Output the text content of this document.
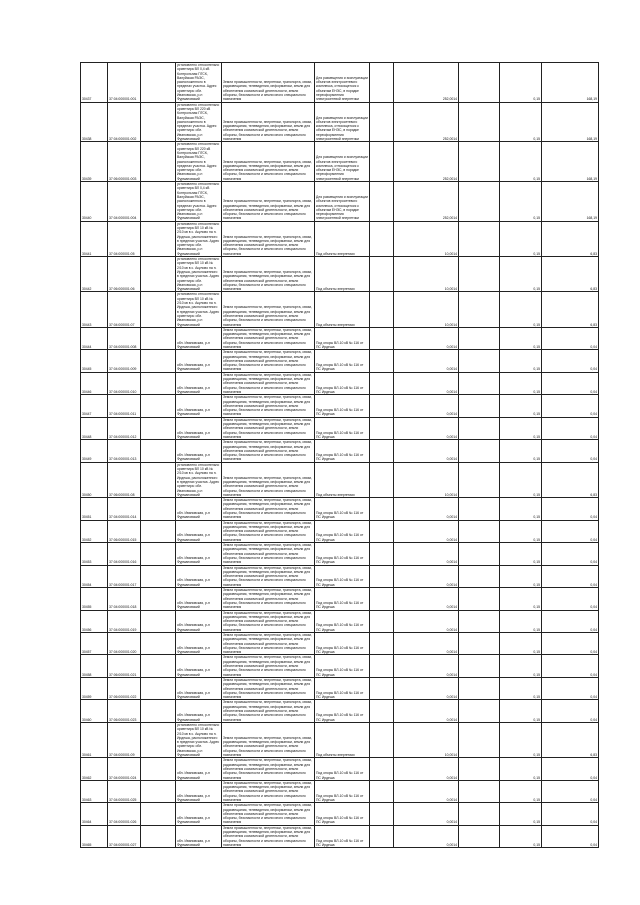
30437	37:04:000001:001		установлено относительно ориентира ВЛ 0,4 кВ Контрольная ПГСК, Валуйская РАЭС, расположенного в пределах участка. Адрес ориентира: обл. Ивановская, р-н Фурмановский	Земли промышленности, энергетики, транспорта, связи, радиовещания, телевидения, информатики, земли для обеспечения космической деятельности, земли обороны, безопасности и земли иного специального назначения	Для размещения и эксплуатации объектов электросетевого комплекса, относящегося к объектам ЕНЭС, в порядке переоформления электросетевой энергетики		252,0014		0,15	168,19
30438	37:04:000001:002		установлено относительно ориентира ВЛ 220 кВ Контрольная ПГСК, Валуйская РАЭС, расположенного в пределах участка. Адрес ориентира: обл. Ивановская, р-н Фурмановский	Земли промышленности, энергетики, транспорта, связи, радиовещания, телевидения, информатики, земли для обеспечения космической деятельности, земли обороны, безопасности и земли иного специального назначения	Для размещения и эксплуатации объектов электросетевого комплекса, относящегося к объектам ЕНЭС, в порядке переоформления электросетевой энергетики		252,0014		0,15	168,19
30439	37:06:000001:003		установлено относительно ориентира ВЛ 220 кВ Контрольная ПГСК, Валуйская РАЭС, расположенного в пределах участка. Адрес ориентира: обл. Ивановская, р-н Фурмановский	Земли промышленности, энергетики, транспорта, связи, радиовещания, телевидения, информатики, земли для обеспечения космической деятельности, земли обороны, безопасности и земли иного специального назначения	Для размещения и эксплуатации объектов электросетевого комплекса, относящегося к объектам ЕНЭС, в порядке переоформления электросетевой энергетики		252,0014		0,15	168,19
30440	37:04:000001:004		установлено относительно ориентира ВЛ 0,4 кВ Контрольная ПГСК, Валуйская РАЭС, расположенного в пределах участка. Адрес ориентира: обл. Ивановская, р-н Фурмановский	Земли промышленности, энергетики, транспорта, связи, радиовещания, телевидения, информатики, земли для обеспечения космической деятельности, земли обороны, безопасности и земли иного специального назначения	Для размещения и эксплуатации объектов электросетевого комплекса, относящегося к объектам ЕНЭС, в порядке переоформления электросетевой энергетики		252,0014		0,15	168,19
30441	37:04:000001:05		установлено относительно ориентира ВЛ 10 кВ № 2/10 кв в с. Акулово на п. Ирдеша, расположенного в пределах участка. Адрес ориентира: обл. Ивановская, р-н Фурмановский	Земли промышленности, энергетики, транспорта, связи, радиовещания, телевидения, информатики, земли для обеспечения космической деятельности, земли обороны, безопасности и земли иного специального назначения	Под объекты энергетики		10,0014		0,15	6,83
30442	37:06:000001:06		установлено относительно ориентира ВЛ 10 кВ № 2/10 кв в с. Акулово на п. Ирдеша, расположенного в пределах участка. Адрес ориентира: обл. Ивановская, р-н Фурмановский	Земли промышленности, энергетики, транспорта, связи, радиовещания, телевидения, информатики, земли для обеспечения космической деятельности, земли обороны, безопасности и земли иного специального назначения	Под объекты энергетики		10,0014		0,15	6,83
30443	37:04:000001:07		установлено относительно ориентира ВЛ 10 кВ № 2/10 кв в с. Акулово на п. Ирдеша, расположенного в пределах участка. Адрес ориентира: обл. Ивановская, р-н Фурмановский	Земли промышленности, энергетики, транспорта, связи, радиовещания, телевидения, информатики, земли для обеспечения космической деятельности, земли обороны, безопасности и земли иного специального назначения	Под объекты энергетики		10,0014		0,15	6,83
30444	37:04:000001:008		обл. Ивановская, р-н Фурмановский	Земли промышленности, энергетики, транспорта, связи, радиовещания, телевидения, информатики, земли для обеспечения космической деятельности, земли обороны, безопасности и земли иного специального назначения	Под опоры ВЛ-10 кВ № 116 от ПС Ирдеша		0,0014		0,15	0,04
30445	37:04:000001:009		обл. Ивановская, р-н Фурмановский	Земли промышленности, энергетики, транспорта, связи, радиовещания, телевидения, информатики, земли для обеспечения космической деятельности, земли обороны, безопасности и земли иного специального назначения	Под опоры ВЛ-10 кВ № 116 от ПС Ирдеша		0,0014		0,15	0,04
30446	37:04:000001:010		обл. Ивановская, р-н Фурмановский	Земли промышленности, энергетики, транспорта, связи, радиовещания, телевидения, информатики, земли для обеспечения космической деятельности, земли обороны, безопасности и земли иного специального назначения	Под опоры ВЛ-10 кВ № 116 от ПС Ирдеша		0,0014		0,15	0,04
30447	37:04:000001:011		обл. Ивановская, р-н Фурмановский	Земли промышленности, энергетики, транспорта, связи, радиовещания, телевидения, информатики, земли для обеспечения космической деятельности, земли обороны, безопасности и земли иного специального назначения	Под опоры ВЛ-10 кВ № 116 от ПС Ирдеша		0,0014		0,15	0,04
30448	37:04:000001:012		обл. Ивановская, р-н Фурмановский	Земли промышленности, энергетики, транспорта, связи, радиовещания, телевидения, информатики, земли для обеспечения космической деятельности, земли обороны, безопасности и земли иного специального назначения	Под опоры ВЛ-10 кВ № 116 от ПС Ирдеша		0,0014		0,15	0,04
30449	37:04:000001:013		обл. Ивановская, р-н Фурмановский	Земли промышленности, энергетики, транспорта, связи, радиовещания, телевидения, информатики, земли для обеспечения космической деятельности, земли обороны, безопасности и земли иного специального назначения	Под опоры ВЛ-10 кВ № 116 от ПС Ирдеша		0,0014		0,15	0,04
30450	37:06:000001:08		установлено относительно ориентира ВЛ 10 кВ № 2/10 кв в с. Акулово на п. Ирдеша, расположенного в пределах участка. Адрес ориентира: обл. Ивановская, р-н Фурмановский	Земли промышленности, энергетики, транспорта, связи, радиовещания, телевидения, информатики, земли для обеспечения космической деятельности, земли обороны, безопасности и земли иного специального назначения	Под объекты энергетики		10,0014		0,15	6,83
30451	37:04:000001:014		обл. Ивановская, р-н Фурмановский	Земли промышленности, энергетики, транспорта, связи, радиовещания, телевидения, информатики, земли для обеспечения космической деятельности, земли обороны, безопасности и земли иного специального назначения	Под опоры ВЛ-10 кВ № 116 от ПС Ирдеша		0,0014		0,15	0,04
30452	37:06:000001:015		обл. Ивановская, р-н Фурмановский	Земли промышленности, энергетики, транспорта, связи, радиовещания, телевидения, информатики, земли для обеспечения космической деятельности, земли обороны, безопасности и земли иного специального назначения	Под опоры ВЛ-10 кВ № 116 от ПС Ирдеша		0,0014		0,15	0,04
30453	37:04:000001:016		обл. Ивановская, р-н Фурмановский	Земли промышленности, энергетики, транспорта, связи, радиовещания, телевидения, информатики, земли для обеспечения космической деятельности, земли обороны, безопасности и земли иного специального назначения	Под опоры ВЛ-10 кВ № 116 от ПС Ирдеша		0,0014		0,15	0,04
30454	37:04:000001:017		обл. Ивановская, р-н Фурмановский	Земли промышленности, энергетики, транспорта, связи, радиовещания, телевидения, информатики, земли для обеспечения космической деятельности, земли обороны, безопасности и земли иного специального назначения	Под опоры ВЛ-10 кВ № 116 от ПС Ирдеша		0,0014		0,15	0,04
30455	37:04:000001:018		обл. Ивановская, р-н Фурмановский	Земли промышленности, энергетики, транспорта, связи, радиовещания, телевидения, информатики, земли для обеспечения космической деятельности, земли обороны, безопасности и земли иного специального назначения	Под опоры ВЛ-10 кВ № 116 от ПС Ирдеша		0,0014		0,15	0,04
30456	37:04:000001:019		обл. Ивановская, р-н Фурмановский	Земли промышленности, энергетики, транспорта, связи, радиовещания, телевидения, информатики, земли для обеспечения космической деятельности, земли обороны, безопасности и земли иного специального назначения	Под опоры ВЛ-10 кВ № 116 от ПС Ирдеша		0,0014		0,15	0,04
30457	37:04:000001:020		обл. Ивановская, р-н Фурмановский	Земли промышленности, энергетики, транспорта, связи, радиовещания, телевидения, информатики, земли для обеспечения космической деятельности, земли обороны, безопасности и земли иного специального назначения	Под опоры ВЛ-10 кВ № 116 от ПС Ирдеша		0,0014		0,15	0,04
30458	37:06:000001:021		обл. Ивановская, р-н Фурмановский	Земли промышленности, энергетики, транспорта, связи, радиовещания, телевидения, информатики, земли для обеспечения космической деятельности, земли обороны, безопасности и земли иного специального назначения	Под опоры ВЛ-10 кВ № 116 от ПС Ирдеша		0,0014		0,15	0,04
30459	37:06:000001:022		обл. Ивановская, р-н Фурмановский	Земли промышленности, энергетики, транспорта, связи, радиовещания, телевидения, информатики, земли для обеспечения космической деятельности, земли обороны, безопасности и земли иного специального назначения	Под опоры ВЛ-10 кВ № 116 от ПС Ирдеша		0,0014		0,15	0,04
30460	37:06:000001:023		обл. Ивановская, р-н Фурмановский	Земли промышленности, энергетики, транспорта, связи, радиовещания, телевидения, информатики, земли для обеспечения космической деятельности, земли обороны, безопасности и земли иного специального назначения	Под опоры ВЛ-10 кВ № 116 от ПС Ирдеша		0,0014		0,15	0,04
30461	37:04:000001:09		установлено относительно ориентира ВЛ 10 кВ № 2/10 кв в с. Акулово на п. Ирдеша, расположенного в пределах участка. Адрес ориентира: обл. Ивановская, р-н Фурмановский	Земли промышленности, энергетики, транспорта, связи, радиовещания, телевидения, информатики, земли для обеспечения космической деятельности, земли обороны, безопасности и земли иного специального назначения	Под объекты энергетики		10,0014		0,15	6,83
30462	37:04:000001:024		обл. Ивановская, р-н Фурмановский	Земли промышленности, энергетики, транспорта, связи, радиовещания, телевидения, информатики, земли для обеспечения космической деятельности, земли обороны, безопасности и земли иного специального назначения	Под опоры ВЛ-10 кВ № 116 от ПС Ирдеша		0,0014		0,15	0,04
30463	37:04:000001:025		обл. Ивановская, р-н Фурмановский	Земли промышленности, энергетики, транспорта, связи, радиовещания, телевидения, информатики, земли для обеспечения космической деятельности, земли обороны, безопасности и земли иного специального назначения	Под опоры ВЛ-10 кВ № 116 от ПС Ирдеша		0,0014		0,15	0,04
30464	37:04:000001:026		обл. Ивановская, р-н Фурмановский	Земли промышленности, энергетики, транспорта, связи, радиовещания, телевидения, информатики, земли для обеспечения космической деятельности, земли обороны, безопасности и земли иного специального назначения	Под опоры ВЛ-10 кВ № 116 от ПС Ирдеша		0,0014		0,15	0,04
30465	37:04:000001:027		обл. Ивановская, р-н Фурмановский	Земли промышленности, энергетики, транспорта, связи, радиовещания, телевидения, информатики, земли для обеспечения космической деятельности, земли обороны, безопасности и земли иного специального назначения	Под опоры ВЛ-10 кВ № 116 от ПС Ирдеша		0,0014		0,15	0,04
